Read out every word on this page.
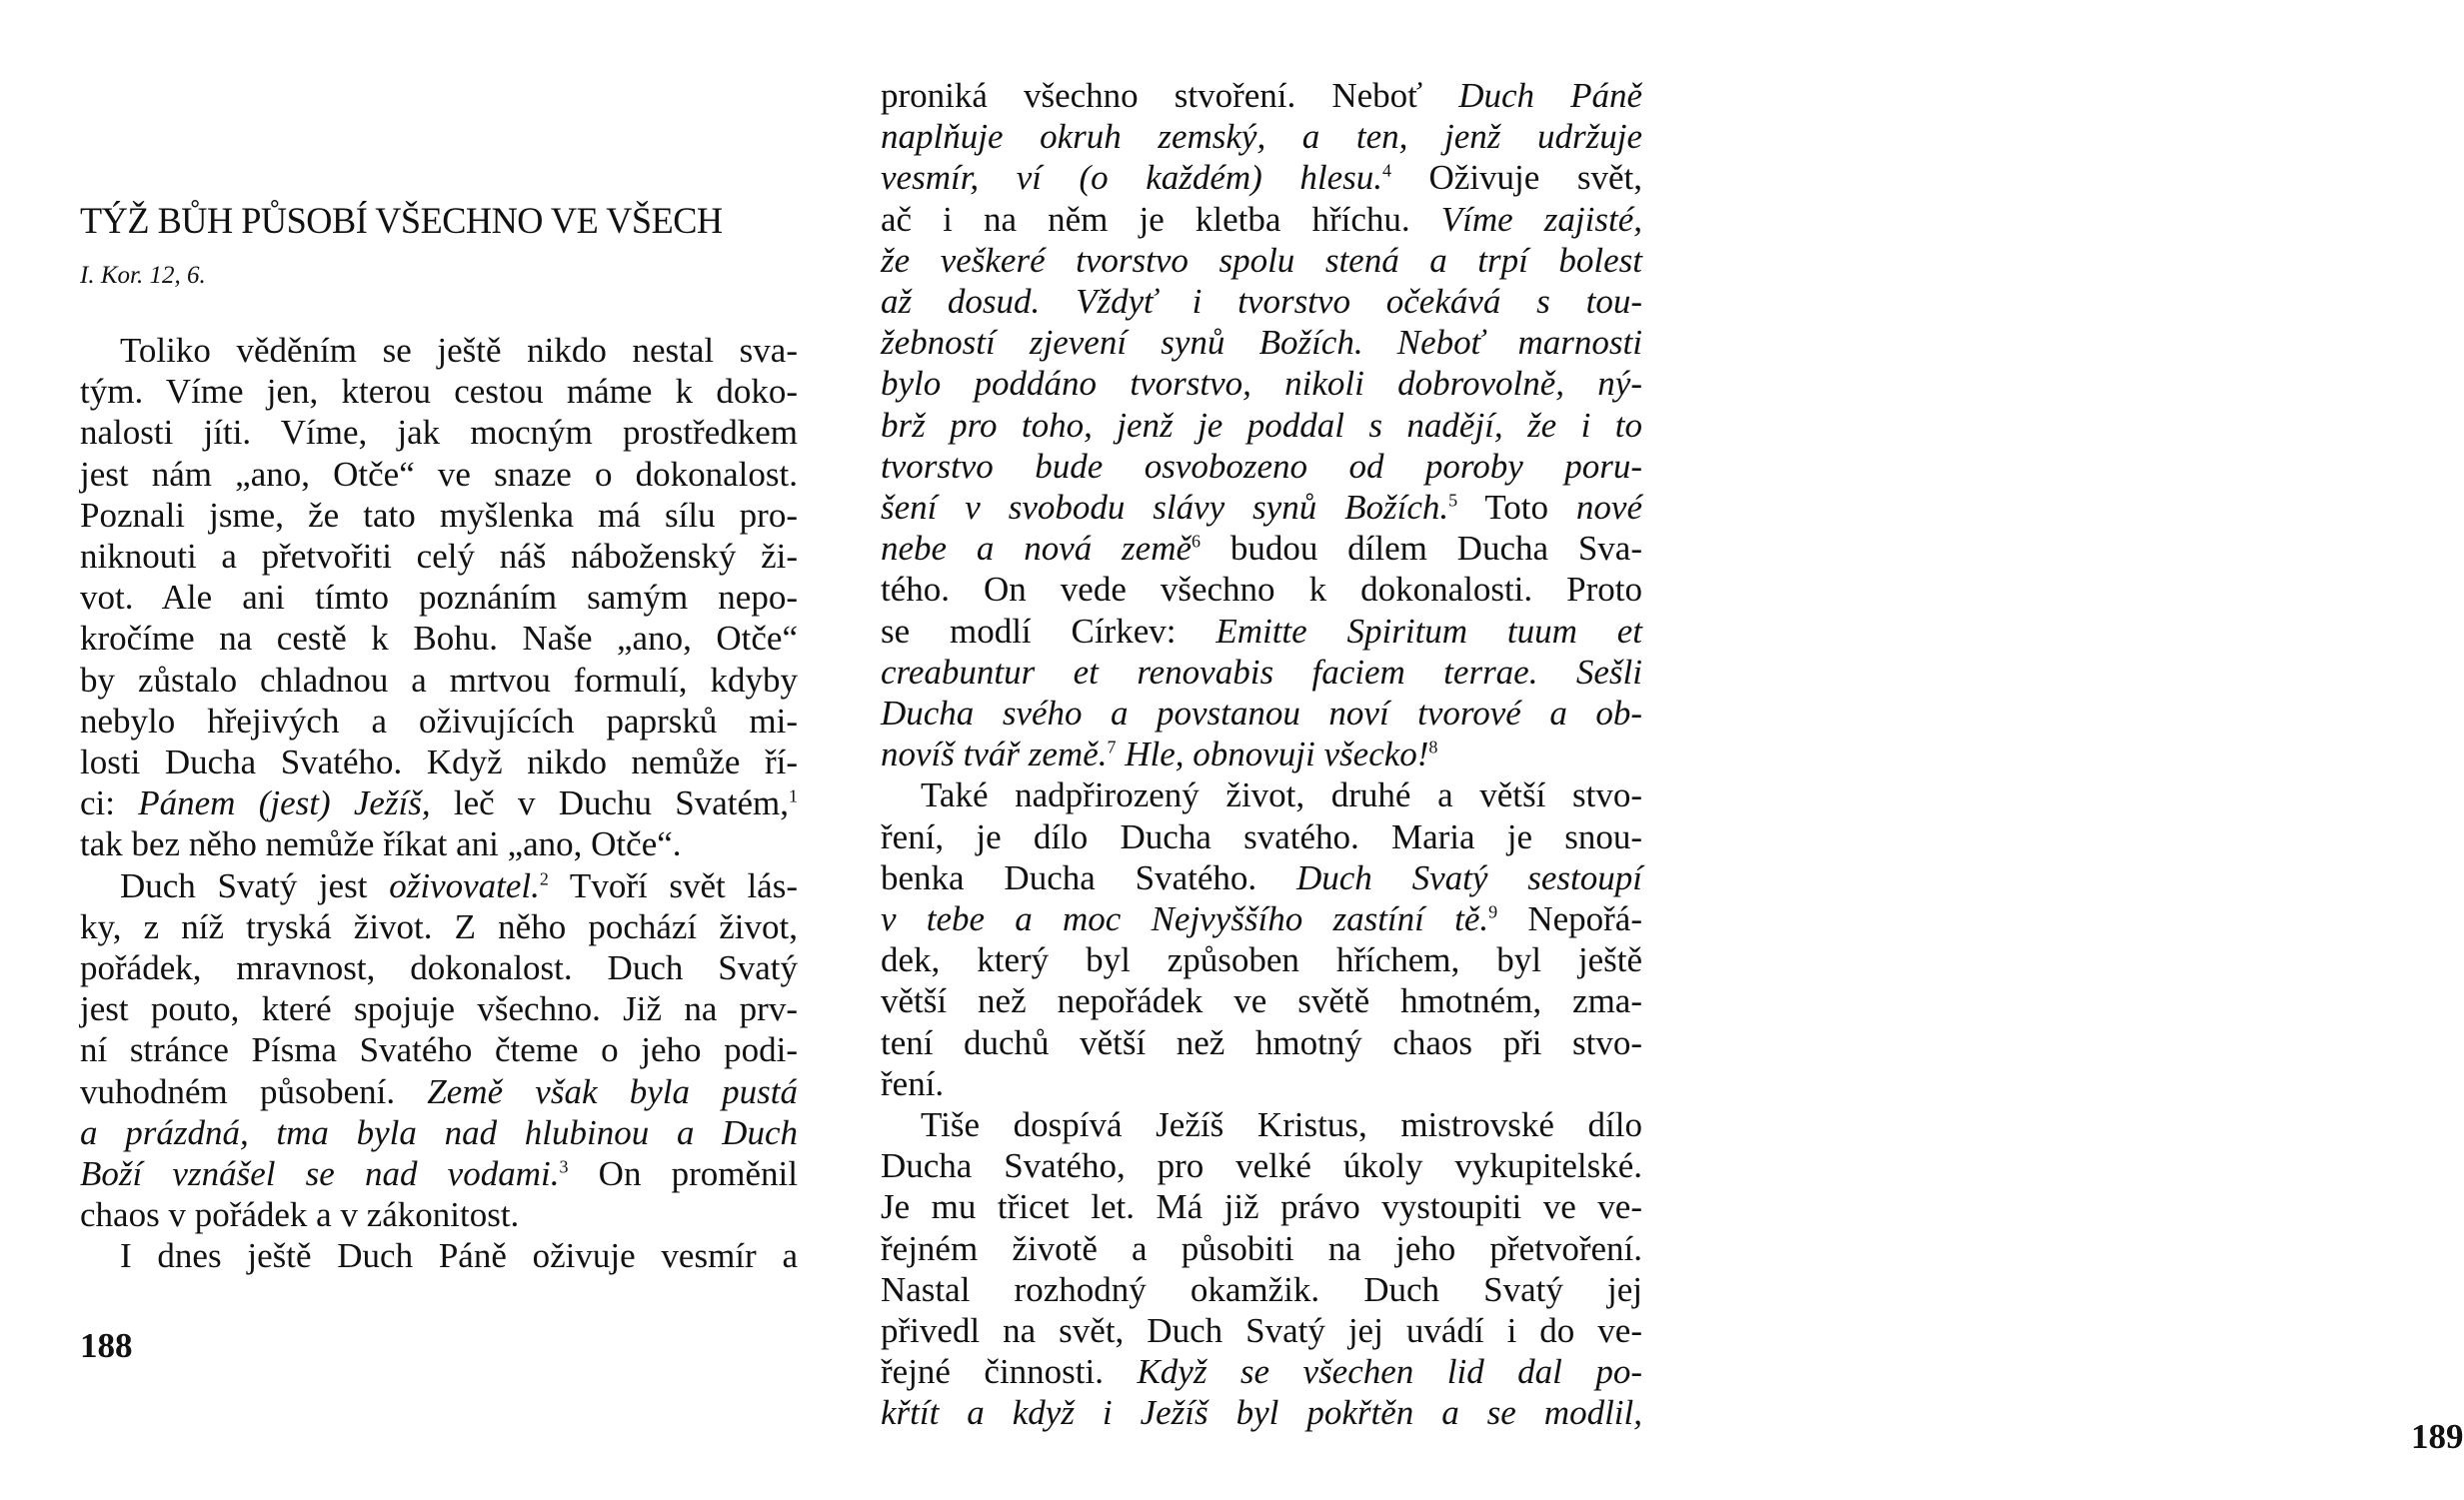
TÝŽ BŮH PŮSOBÍ VŠECHNO VE VŠECH
I. Kor. 12, 6.
Toliko věděním se ještě nikdo nestal sva-
tým. Víme jen, kterou cestou máme k doko-
nalosti jíti. Víme, jak mocným prostředkem
jest nám „ano, Otče“ ve snaze o dokonalost.
Poznali jsme, že tato myšlenka má sílu pro-
niknouti a přetvořiti celý náš náboženský ži-
vot. Ale ani tímto poznáním samým nepo-
kročíme na cestě k Bohu. Naše „ano, Otče“
by zůstalo chladnou a mrtvou formulí, kdyby
nebylo hřejivých a oživujících paprsků mi-
losti Ducha Svatého. Když nikdo nemůže ří-
ci: Pánem (jest) Ježíš, leč v Duchu Svatém,$^1$
tak bez něho nemůže říkat ani „ano, Otče“.
Duch Svatý jest oživovatel.$^2$ Tvoří svět lás-
ky, z níž tryská život. Z něho pochází život,
pořádek, mravnost, dokonalost. Duch Svatý
jest pouto, které spojuje všechno. Již na prv-
ní stránce Písma Svatého čteme o jeho podi-
vuhodném působení. Země však byla pustá
a prázdná, tma byla nad hlubinou a Duch
Boží vznášel se nad vodami.$^3$ On proměnil
chaos v pořádek a v zákonitost.
I dnes ještě Duch Páně oživuje vesmír a
188
proniká všechno stvoření. Neboť Duch Páně
naplňuje okruh zemský, a ten, jenž udržuje
vesmír, ví (o každém) hlesu.$^4$ Oživuje svět,
ač i na něm je kletba hříchu. Víme zajisté,
že veškeré tvorstvo spolu stená a trpí bolest
až dosud. Vždyť i tvorstvo očekává s tou-
žebností zjevení synů Božích. Neboť marnosti
bylo poddáno tvorstvo, nikoli dobrovolně, ný-
brž pro toho, jenž je poddal s nadějí, že i to
tvorstvo bude osvobozeno od poroby poru-
šení v svobodu slávy synů Božích.$^5$ Toto nové
nebe a nová země$^6$ budou dílem Ducha Sva-
tého. On vede všechno k dokonalosti. Proto
se modlí Církev: Emitte Spiritum tuum et
creabuntur et renovabis faciem terrae. Sešli
Ducha svého a povstanou noví tvorové a ob-
novíš tvář země.$^7$ Hle, obnovuji všecko!$^8$
Také nadpřirozený život, druhé a větší stvo-
ření, je dílo Ducha svatého. Maria je snou-
benka Ducha Svatého. Duch Svatý sestoupí
v tebe a moc Nejvyššího zastíní tě.$^9$ Nepořá-
dek, který byl způsoben hříchem, byl ještě
větší než nepořádek ve světě hmotném, zma-
tení duchů větší než hmotný chaos při stvo-
ření.
Tiše dospívá Ježíš Kristus, mistrovské dílo
Ducha Svatého, pro velké úkoly vykupitelské.
Je mu třicet let. Má již právo vystoupiti ve ve-
řejném životě a působiti na jeho přetvoření.
Nastal rozhodný okamžik. Duch Svatý jej
přivedl na svět, Duch Svatý jej uvádí i do ve-
řejné činnosti. Když se všechen lid dal po-
křtít a když i Ježíš byl pokřtěn a se modlil,
189
